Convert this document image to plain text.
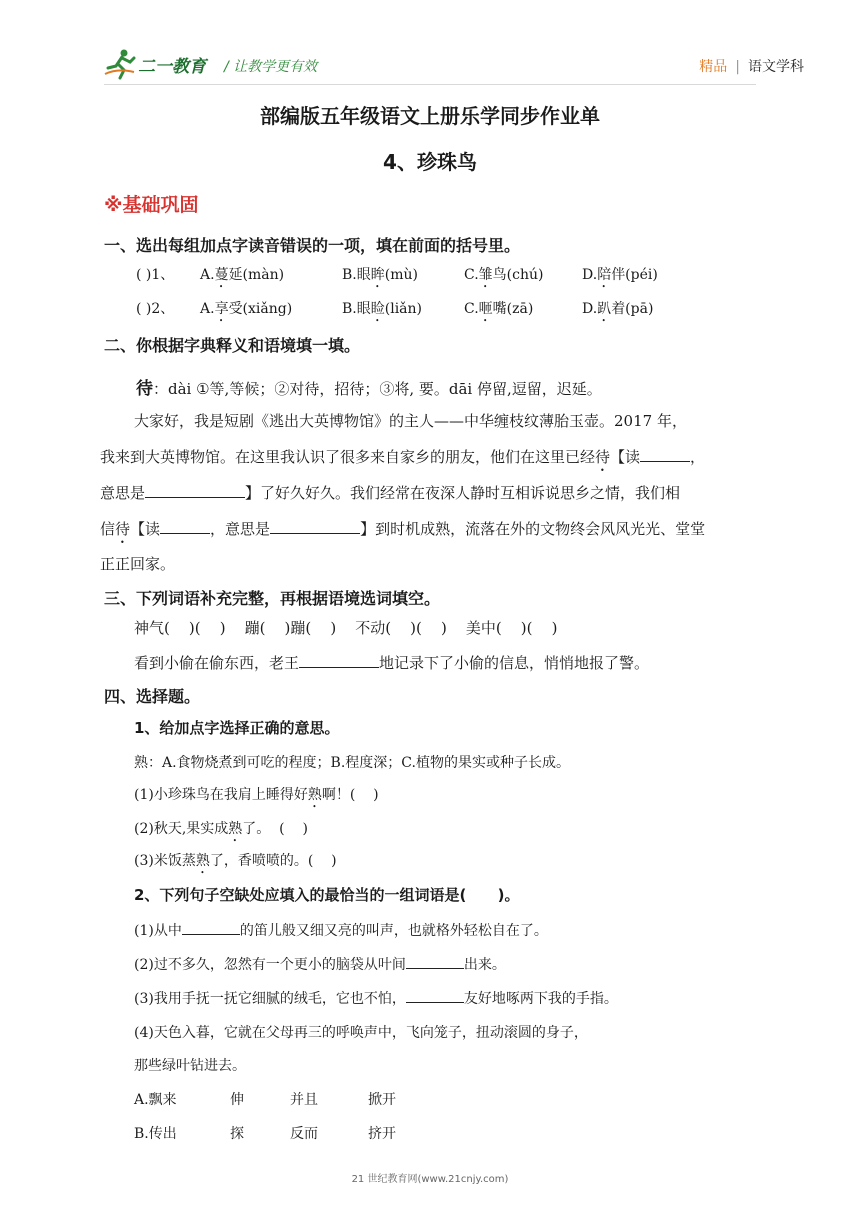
二一教育 / 让教学更有效	精品 | 语文学科
部编版五年级语文上册乐学同步作业单
4、珍珠鸟
※基础巩固
一、选出每组加点字读音错误的一项，填在前面的括号里。
( )1、 A.蔓延(màn)	B.眼眸(mù)	C.雏鸟(chú)	D.陪伴(péi)
( )2、 A.享受(xiǎng)	B.眼睑(liǎn)	C.咂嘴(zā)	D.趴着(pā)
二、你根据字典释义和语境填一填。
待：dài ①等,等候；②对待，招待；③将, 要。dāi 停留,逗留，迟延。
大家好，我是短剧《逃出大英博物馆》的主人——中华缠枝纹薄胎玉壶。2017 年，
我来到大英博物馆。在这里我认识了很多来自家乡的朋友，他们在这里已经待【读	，
意思是	】了好久好久。我们经常在夜深人静时互相诉说思乡之情，我们相
信待【读	，意思是	】到时机成熟，流落在外的文物终会风风光光、堂堂
正正回家。
三、下列词语补充完整，再根据语境选词填空。
神气(    )(    )    蹦(    )蹦(    )    不动(    )(    )    美中(    )(    )
看到小偷在偷东西，老王	地记录下了小偷的信息，悄悄地报了警。
四、选择题。
1、给加点字选择正确的意思。
熟：A.食物烧煮到可吃的程度；B.程度深；C.植物的果实或种子长成。
(1)小珍珠鸟在我肩上睡得好熟啊！(    )
(2)秋天,果实成熟了。  (    )
(3)米饭蒸熟了，香喷喷的。(    )
2、下列句子空缺处应填入的最恰当的一组词语是(      )。
(1)从中	的笛儿般又细又亮的叫声，也就格外轻松自在了。
(2)过不多久，忽然有一个更小的脑袋从叶间	出来。
(3)我用手抚一抚它细腻的绒毛，它也不怕，	友好地啄两下我的手指。
(4)天色入暮，它就在父母再三的呼唤声中，飞向笼子，扭动滚圆的身子，
那些绿叶钻进去。
A.飘来	伸	并且	掀开
B.传出	探	反而	挤开
21 世纪教育网(www.21cnjy.com)
